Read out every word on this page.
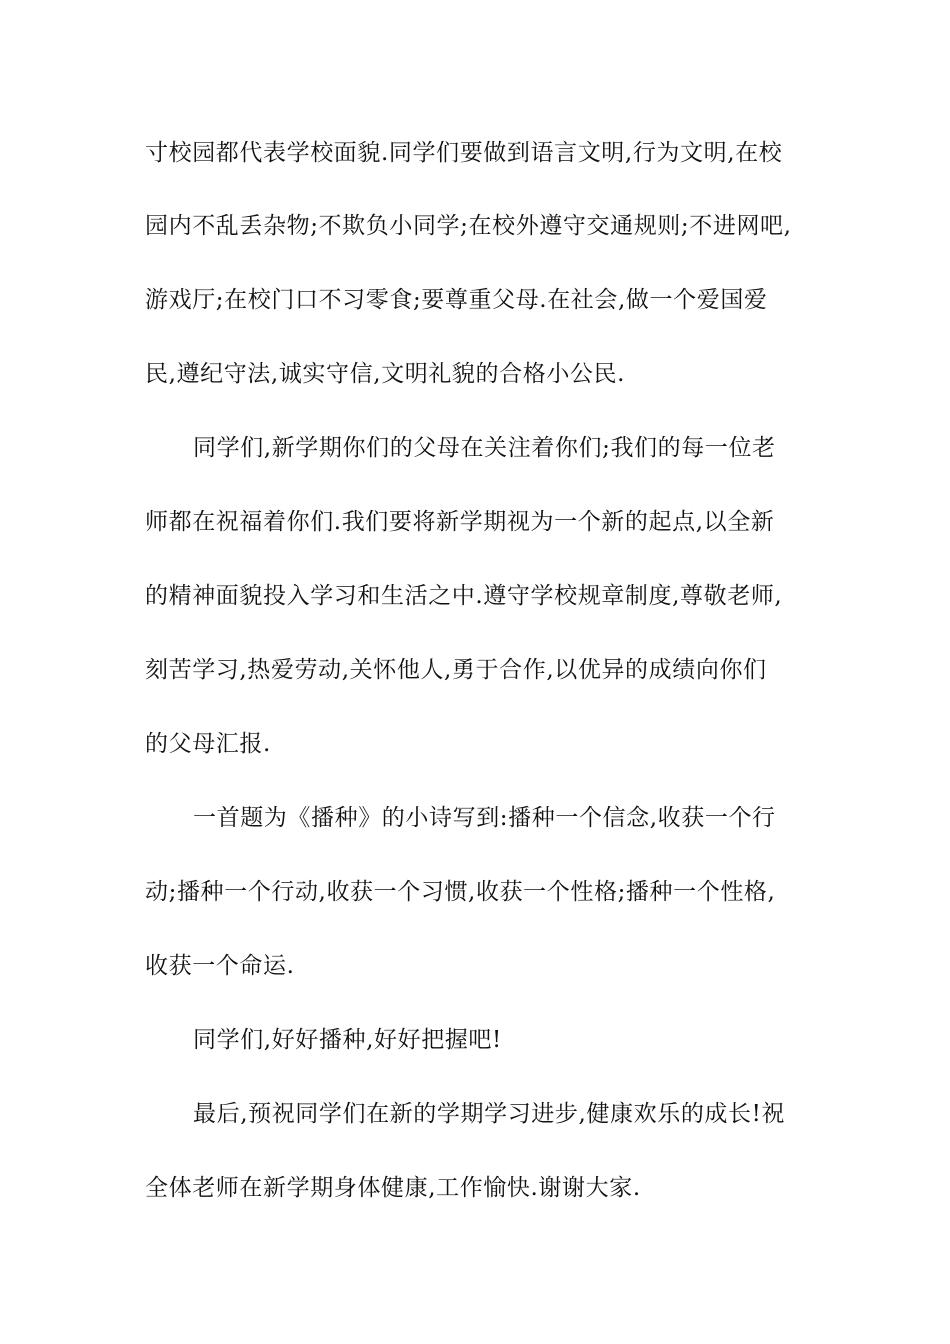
寸校园都代表学校面貌.同学们要做到语言文明,行为文明,在校

园内不乱丢杂物;不欺负小同学;在校外遵守交通规则;不进网吧,

游戏厅;在校门口不习零食;要尊重父母.在社会,做一个爱国爱

民,遵纪守法,诚实守信,文明礼貌的合格小公民.

同学们,新学期你们的父母在关注着你们;我们的每一位老

师都在祝福着你们.我们要将新学期视为一个新的起点,以全新

的精神面貌投入学习和生活之中.遵守学校规章制度,尊敬老师,

刻苦学习,热爱劳动,关怀他人,勇于合作,以优异的成绩向你们

的父母汇报.

一首题为《播种》的小诗写到:播种一个信念,收获一个行

动;播种一个行动,收获一个习惯,收获一个性格;播种一个性格,

收获一个命运.

同学们,好好播种,好好把握吧!

最后,预祝同学们在新的学期学习进步,健康欢乐的成长!祝

全体老师在新学期身体健康,工作愉快.谢谢大家.
